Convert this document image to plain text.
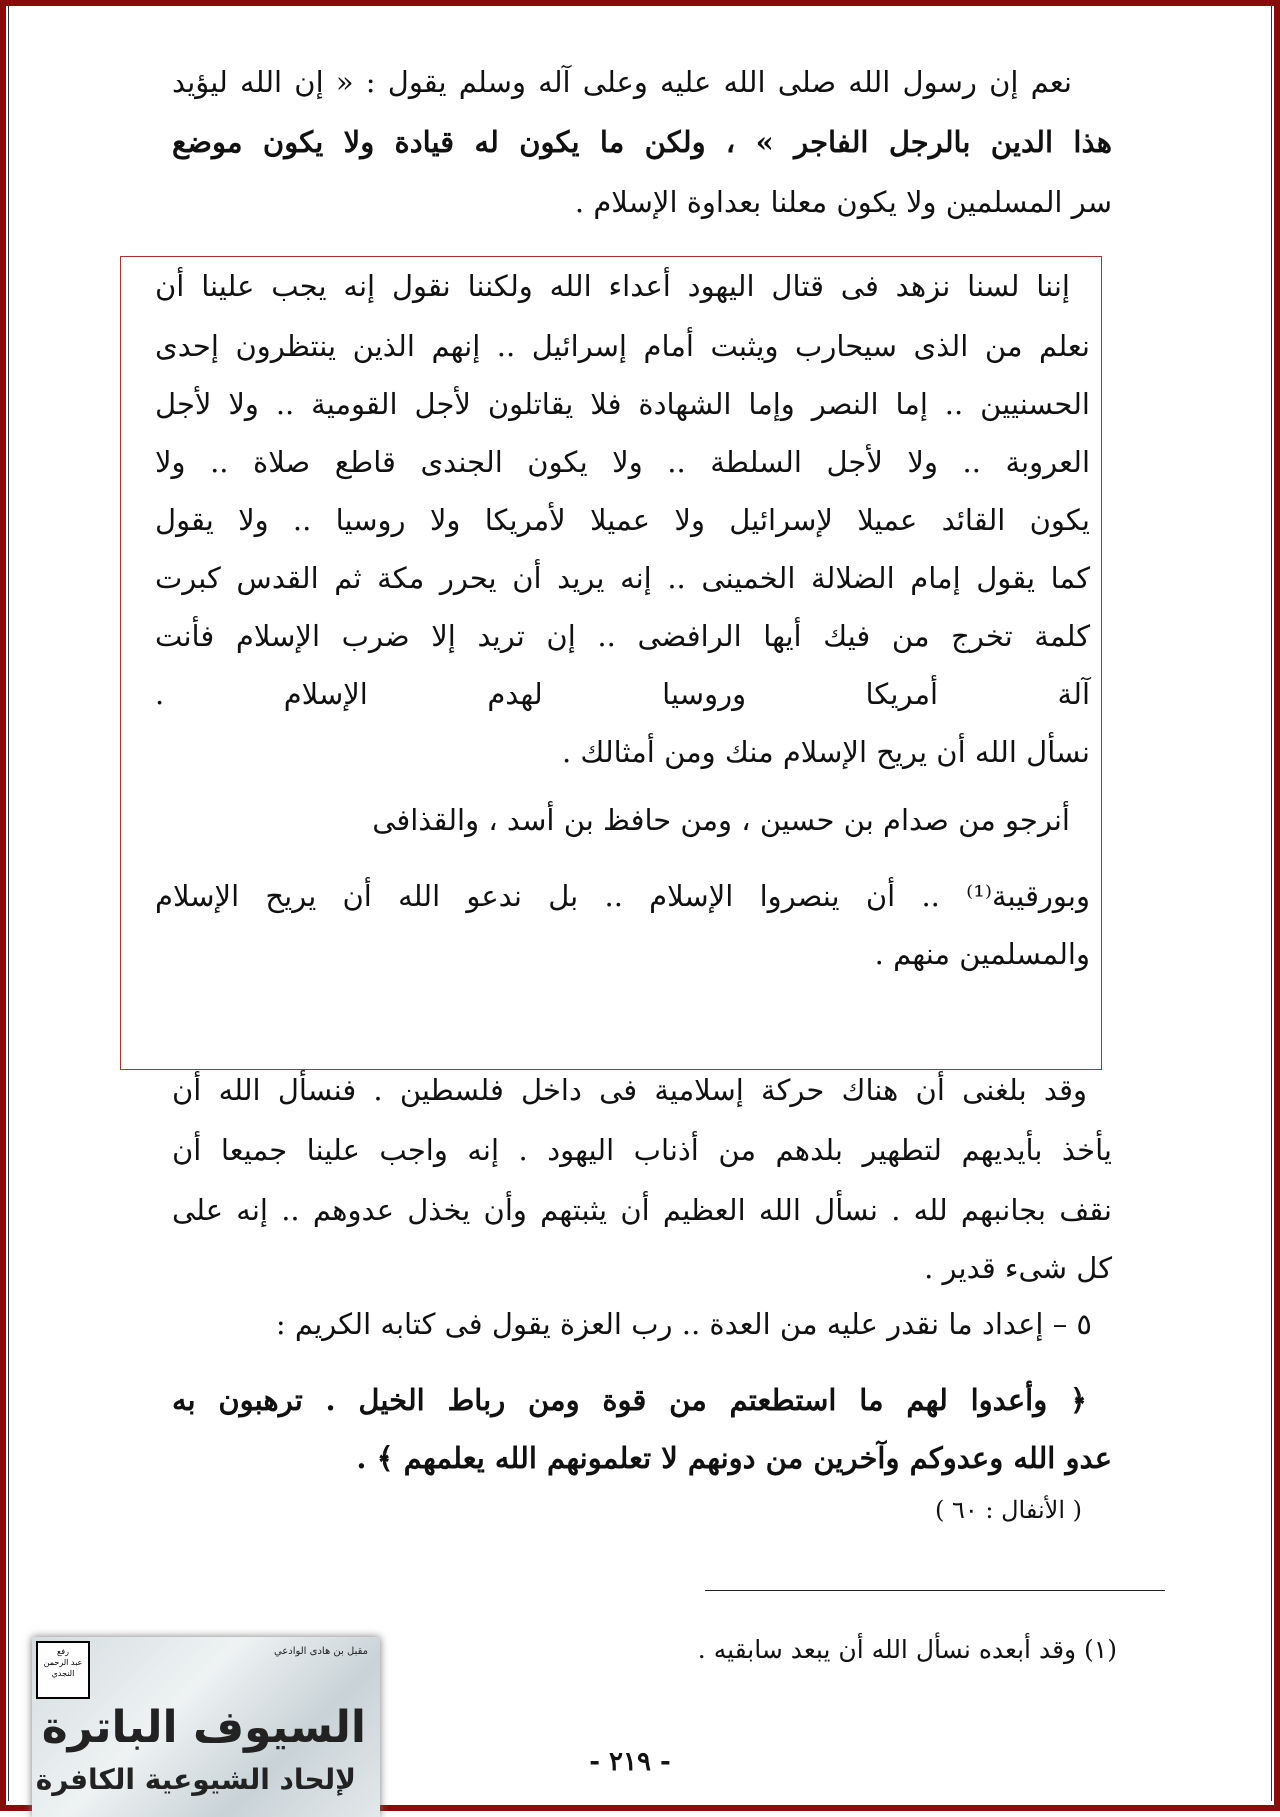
نعم إن رسول الله صلى الله عليه وعلى آله وسلم يقول : « إن الله ليؤيد
هذا الدين بالرجل الفاجر » ، ولكن ما يكون له قيادة ولا يكون موضع
سر المسلمين ولا يكون معلنا بعداوة الإسلام .
إننا لسنا نزهد فى قتال اليهود أعداء الله ولكننا نقول إنه يجب علينا أن
نعلم من الذى سيحارب ويثبت أمام إسرائيل .. إنهم الذين ينتظرون إحدى
الحسنيين .. إما النصر وإما الشهادة فلا يقاتلون لأجل القومية .. ولا لأجل
العروبة .. ولا لأجل السلطة .. ولا يكون الجندى قاطع صلاة .. ولا
يكون القائد عميلا لإسرائيل ولا عميلا لأمريكا ولا روسيا .. ولا يقول
كما يقول إمام الضلالة الخمينى .. إنه يريد أن يحرر مكة ثم القدس كبرت
كلمة تخرج من فيك أيها الرافضى .. إن تريد إلا ضرب الإسلام فأنت
آلة أمريكا وروسيا لهدم الإسلام .
نسأل الله أن يريح الإسلام منك ومن أمثالك .
أنرجو من صدام بن حسين ، ومن حافظ بن أسد ، والقذافى
وبورقيبة⁽¹⁾ .. أن ينصروا الإسلام .. بل ندعو الله أن يريح الإسلام
والمسلمين منهم .
وقد بلغنى أن هناك حركة إسلامية فى داخل فلسطين . فنسأل الله أن
يأخذ بأيديهم لتطهير بلدهم من أذناب اليهود . إنه واجب علينا جميعا أن
نقف بجانبهم لله . نسأل الله العظيم أن يثبتهم وأن يخذل عدوهم .. إنه على
كل شىء قدير .
٥ – إعداد ما نقدر عليه من العدة .. رب العزة يقول فى كتابه الكريم :
﴿ وأعدوا لهم ما استطعتم من قوة ومن رباط الخيل . ترهبون به
عدو الله وعدوكم وآخرين من دونهم لا تعلمونهم الله يعلمهم ﴾ .
( الأنفال : ٦٠ )
(١) وقد أبعده نسأل الله أن يبعد سابقيه .
- ٢١٩ -
رفع
عبد الرحمن
النجدي
مقبل بن هادى الوادعي
السيوف الباترة
لإلحاد الشيوعية الكافرة
